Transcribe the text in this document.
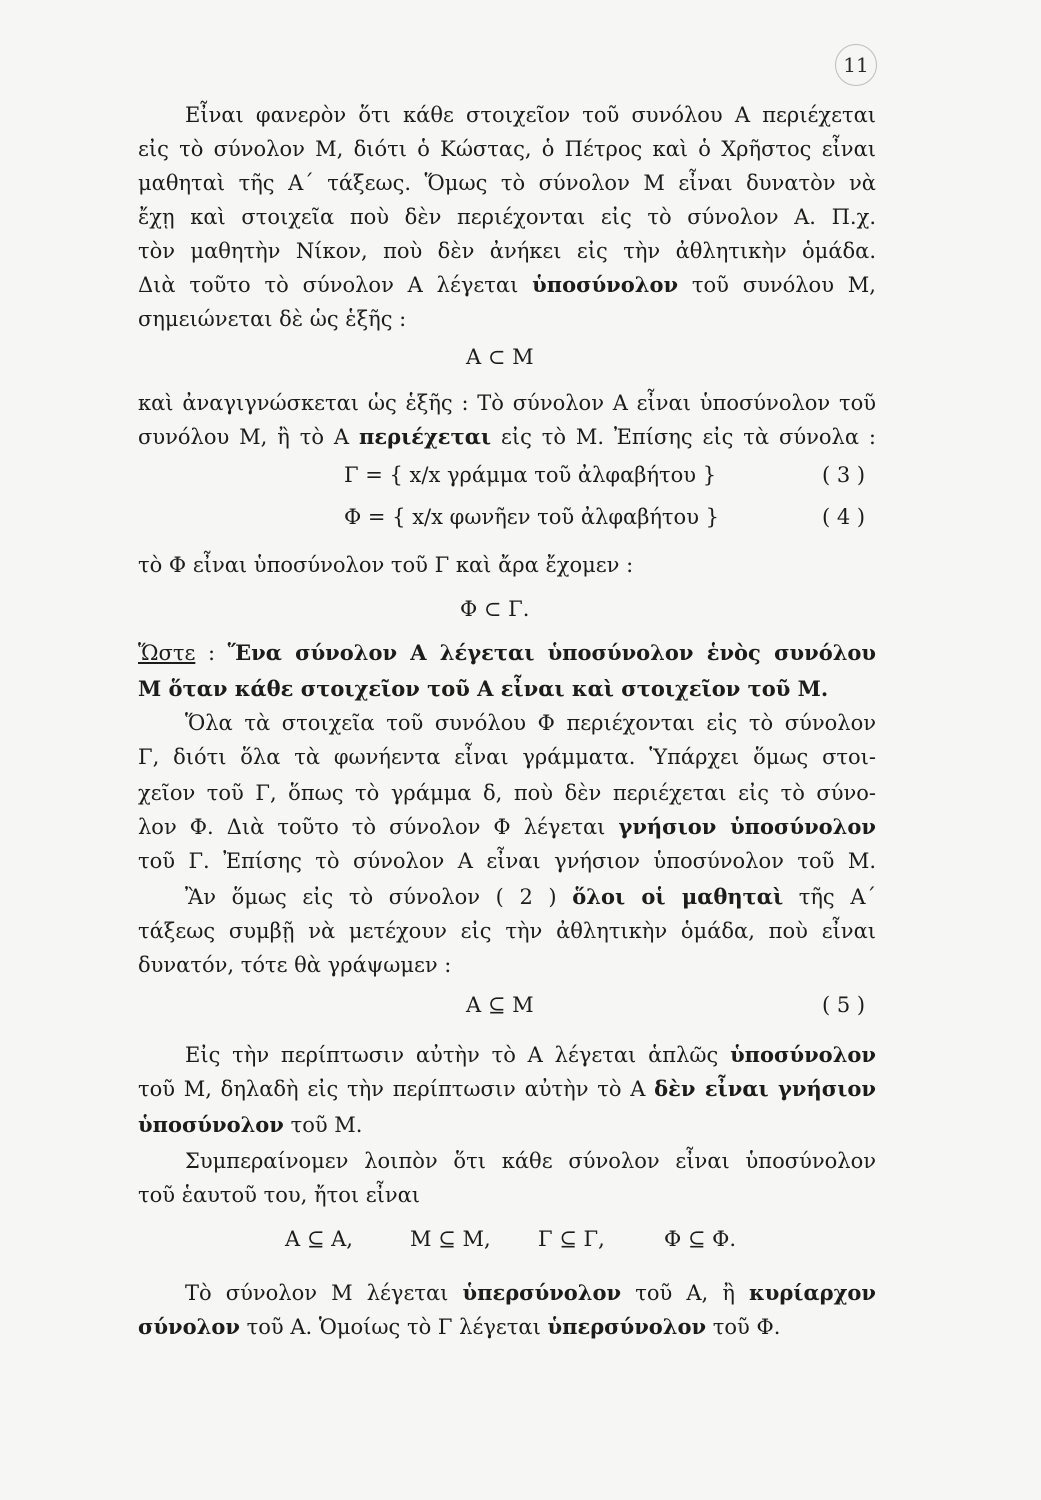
11
Εἶναι φανερὸν ὅτι κάθε στοιχεῖον τοῦ συνόλου Α περιέχεται
εἰς τὸ σύνολον Μ, διότι ὁ Κώστας, ὁ Πέτρος καὶ ὁ Χρῆστος εἶναι
μαθηταὶ τῆς Α΄ τάξεως. Ὅμως τὸ σύνολον Μ εἶναι δυνατὸν νὰ
ἔχῃ καὶ στοιχεῖα ποὺ δὲν περιέχονται εἰς τὸ σύνολον Α. Π.χ.
τὸν μαθητὴν Νίκον, ποὺ δὲν ἀνήκει εἰς τὴν ἀθλητικὴν ὁμάδα.
Διὰ τοῦτο τὸ σύνολον Α λέγεται ὑποσύνολον τοῦ συνόλου Μ,
σημειώνεται δὲ ὡς ἑξῆς :
Α ⊂ Μ
καὶ ἀναγιγνώσκεται ὡς ἑξῆς : Τὸ σύνολον Α εἶναι ὑποσύνολον τοῦ
συνόλου Μ, ἢ τὸ Α περιέχεται εἰς τὸ Μ. Ἐπίσης εἰς τὰ σύνολα :
Γ = { x/x γράμμα τοῦ ἀλφαβήτου }	( 3 )
Φ = { x/x φωνῆεν τοῦ ἀλφαβήτου }	( 4 )
τὸ Φ εἶναι ὑποσύνολον τοῦ Γ καὶ ἄρα ἔχομεν :
Φ ⊂ Γ.
Ὥστε : Ἕνα σύνολον Α λέγεται ὑποσύνολον ἑνὸς συνόλου
Μ ὅταν κάθε στοιχεῖον τοῦ Α εἶναι καὶ στοιχεῖον τοῦ Μ.
Ὅλα τὰ στοιχεῖα τοῦ συνόλου Φ περιέχονται εἰς τὸ σύνολον
Γ, διότι ὅλα τὰ φωνήεντα εἶναι γράμματα. Ὑπάρχει ὅμως στοι-
χεῖον τοῦ Γ, ὅπως τὸ γράμμα δ, ποὺ δὲν περιέχεται εἰς τὸ σύνο-
λον Φ. Διὰ τοῦτο τὸ σύνολον Φ λέγεται γνήσιον ὑποσύνολον
τοῦ Γ. Ἐπίσης τὸ σύνολον Α εἶναι γνήσιον ὑποσύνολον τοῦ Μ.
Ἂν ὅμως εἰς τὸ σύνολον ( 2 ) ὅλοι οἱ μαθηταὶ τῆς Α΄
τάξεως συμβῇ νὰ μετέχουν εἰς τὴν ἀθλητικὴν ὁμάδα, ποὺ εἶναι
δυνατόν, τότε θὰ γράψωμεν :
Α ⊆ Μ	( 5 )
Εἰς τὴν περίπτωσιν αὐτὴν τὸ Α λέγεται ἁπλῶς ὑποσύνολον
τοῦ Μ, δηλαδὴ εἰς τὴν περίπτωσιν αὐτὴν τὸ Α δὲν εἶναι γνήσιον
ὑποσύνολον τοῦ Μ.
Συμπεραίνομεν λοιπὸν ὅτι κάθε σύνολον εἶναι ὑποσύνολον
τοῦ ἑαυτοῦ του, ἤτοι εἶναι
Α ⊆ Α,	Μ ⊆ Μ, Γ ⊆ Γ,	Φ ⊆ Φ.
Τὸ σύνολον Μ λέγεται ὑπερσύνολον τοῦ Α, ἢ κυρίαρχον
σύνολον τοῦ Α. Ὁμοίως τὸ Γ λέγεται ὑπερσύνολον τοῦ Φ.
